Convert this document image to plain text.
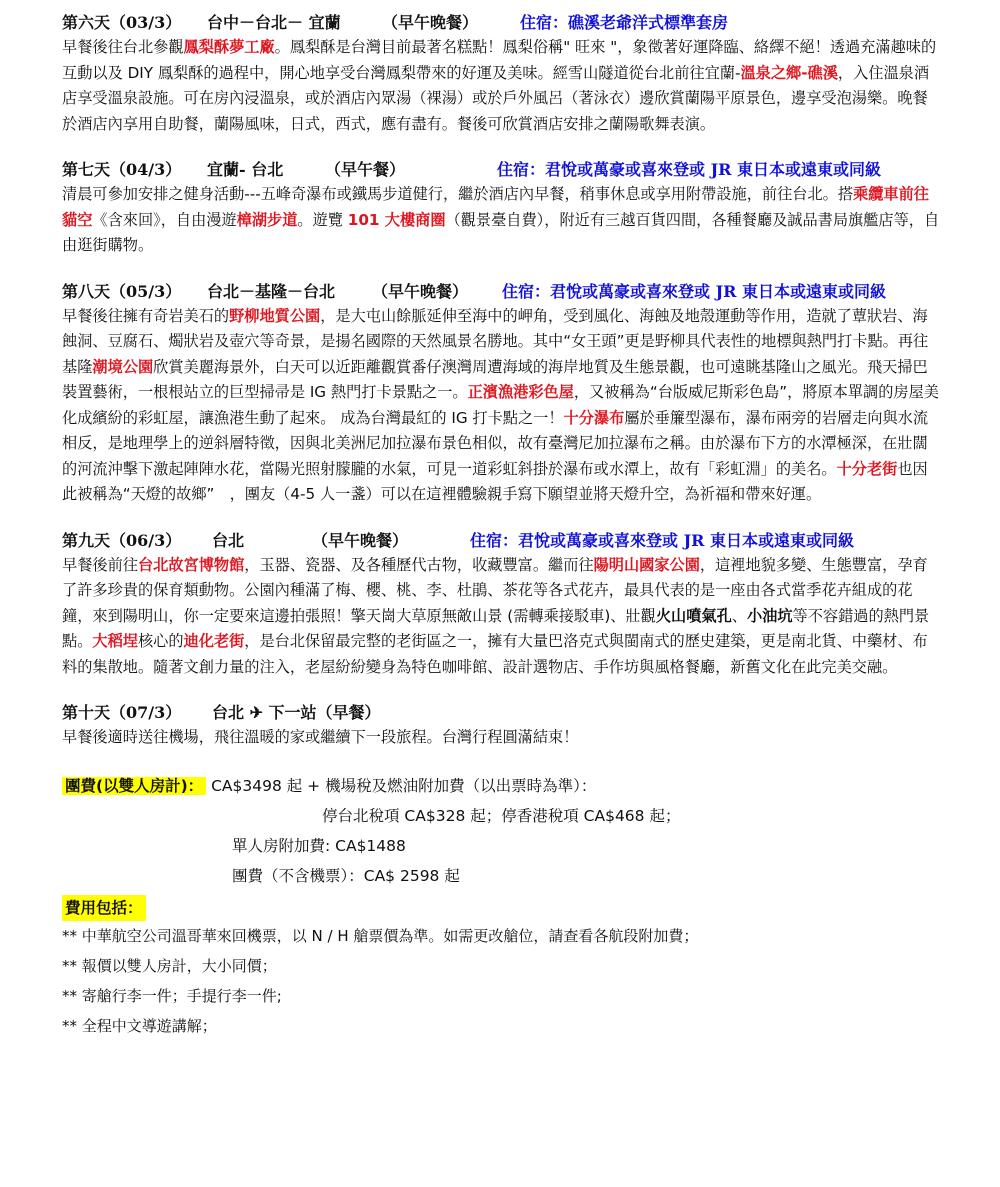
第六天（03/3） 台中－台北－ 宜蘭	（早午晚餐）	住宿：礁溪老爺洋式標準套房
早餐後往台北參觀鳳梨酥夢工廠。鳳梨酥是台灣目前最著名糕點！鳳梨俗稱" 旺來 "，象徵著好運降臨、絡繹不絕！透過充滿趣味的互動以及 DIY 鳳梨酥的過程中，開心地享受台灣鳳梨帶來的好運及美味。經雪山隧道從台北前往宜蘭-溫泉之鄉-礁溪，入住溫泉酒店享受溫泉設施。可在房內浸溫泉，或於酒店內眾湯（裸湯）或於戶外風呂（著泳衣）邊欣賞蘭陽平原景色，邊享受泡湯樂。晚餐於酒店內享用自助餐，蘭陽風味，日式，西式，應有盡有。餐後可欣賞酒店安排之蘭陽歌舞表演。
第七天（04/3） 宜蘭- 台北	（早午餐）	住宿：君悅或萬豪或喜來登或 JR 東日本或遠東或同級
清晨可參加安排之健身活動---五峰奇瀑布或鐵馬步道健行，繼於酒店內早餐，稍事休息或享用附帶設施，前往台北。搭乘纜車前往貓空《含來回》，自由漫遊樟湖步道。遊覽 101 大樓商圈（觀景臺自費），附近有三越百貨四間，各種餐廳及誠品書局旗艦店等，自由逛街購物。
第八天（05/3） 台北－基隆－台北 （早午晚餐） 住宿：君悅或萬豪或喜來登或 JR 東日本或遠東或同級
早餐後往擁有奇岩美石的野柳地質公園，是大屯山餘脈延伸至海中的岬角，受到風化、海蝕及地殼運動等作用，造就了蕈狀岩、海蝕洞、豆腐石、燭狀岩及壺穴等奇景，是揚名國際的天然風景名勝地。其中“女王頭”更是野柳具代表性的地標與熱門打卡點。再往基隆潮境公園欣賞美麗海景外，白天可以近距離觀賞番仔澳灣周遭海域的海岸地質及生態景觀，也可遠眺基隆山之風光。飛天掃巴裝置藝術，一根根站立的巨型掃帚是 IG 熱門打卡景點之一。正濱漁港彩色屋，又被稱為“台版威尼斯彩色島”，將原本單調的房屋美化成繽紛的彩虹屋，讓漁港生動了起來。 成為台灣最紅的 IG 打卡點之一！十分瀑布屬於垂簾型瀑布，瀑布兩旁的岩層走向與水流相反，是地理學上的逆斜層特徵，因與北美洲尼加拉瀑布景色相似，故有臺灣尼加拉瀑布之稱。由於瀑布下方的水潭極深，在壯闊的河流沖擊下激起陣陣水花，當陽光照射朦朧的水氣，可見一道彩虹斜掛於瀑布或水潭上，故有「彩虹淵」的美名。十分老街也因此被稱為“天燈的故鄉”　，團友（4-5 人一盞）可以在這裡體驗親手寫下願望並將天燈升空，為祈福和帶來好運。
第九天（06/3） 台北	（早午晚餐）	住宿：君悅或萬豪或喜來登或 JR 東日本或遠東或同級
早餐後前往台北故宮博物館，玉器、瓷器、及各種歷代古物，收藏豐富。繼而往陽明山國家公園，這裡地貌多變、生態豐富，孕育了許多珍貴的保育類動物。公園內種滿了梅、櫻、桃、李、杜鵑、茶花等各式花卉，最具代表的是一座由各式當季花卉組成的花鐘，來到陽明山，你一定要來這邊拍張照！擎天崗大草原無敵山景 (需轉乘接駁車)、壯觀火山噴氣孔、小油坑等不容錯過的熱門景點。大稻埕核心的迪化老街，是台北保留最完整的老街區之一，擁有大量巴洛克式與閩南式的歷史建築，更是南北貨、中藥材、布料的集散地。隨著文創力量的注入，老屋紛紛變身為特色咖啡館、設計選物店、手作坊與風格餐廳，新舊文化在此完美交融。
第十天（07/3） 台北 ✈ 下一站（早餐）
早餐後適時送往機場，飛往溫暖的家或繼續下一段旅程。台灣行程圓滿結束！
團費(以雙人房計)： CA$3498 起 + 機場稅及燃油附加費（以出票時為準）：
停台北稅項 CA$328 起；停香港稅項 CA$468 起；
單人房附加費: CA$1488
團費（不含機票）：CA$ 2598 起
費用包括：
** 中華航空公司溫哥華來回機票，以 N / H 艙票價為準。如需更改艙位，請查看各航段附加費；
** 報價以雙人房計，大小同價；
** 寄艙行李一件；手提行李一件;
** 全程中文導遊講解；
